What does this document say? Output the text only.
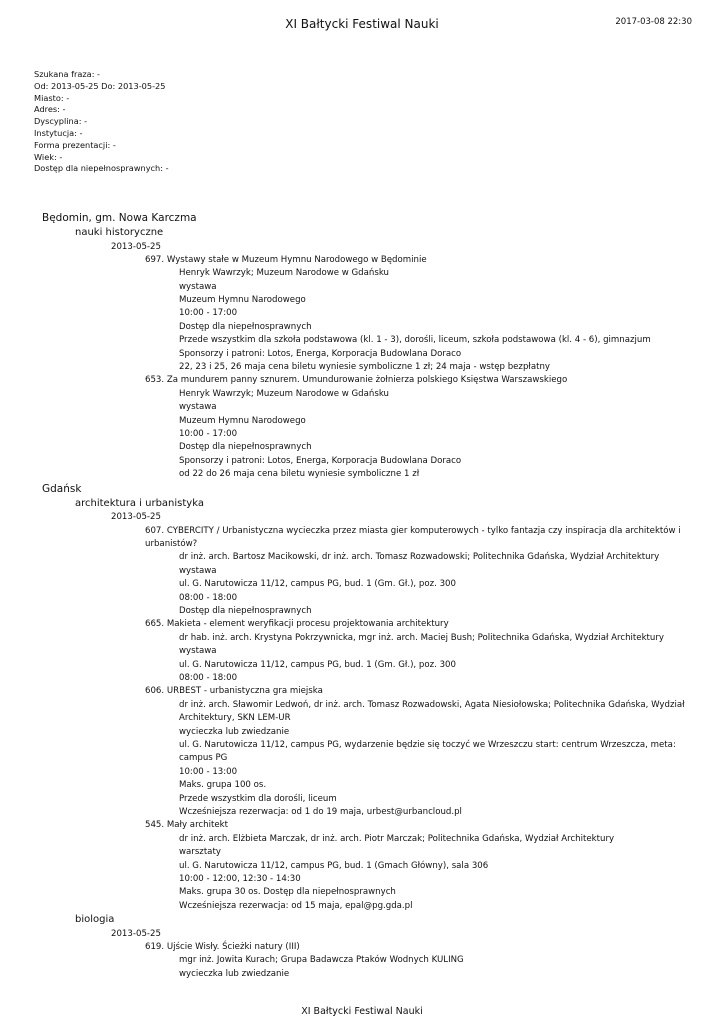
XI Bałtycki Festiwal Nauki	2017-03-08 22:30
Szukana fraza: -
Od: 2013-05-25 Do: 2013-05-25
Miasto: -
Adres: -
Dyscyplina: -
Instytucja: -
Forma prezentacji: -
Wiek: -
Dostęp dla niepełnosprawnych: -
Będomin, gm. Nowa Karczma
nauki historyczne
2013-05-25
697. Wystawy stałe w Muzeum Hymnu Narodowego w Będominie
Henryk Wawrzyk; Muzeum Narodowe w Gdańsku
wystawa
Muzeum Hymnu Narodowego
10:00 - 17:00
Dostęp dla niepełnosprawnych
Przede wszystkim dla szkoła podstawowa (kl. 1 - 3), dorośli, liceum, szkoła podstawowa (kl. 4 - 6), gimnazjum
Sponsorzy i patroni: Lotos, Energa, Korporacja Budowlana Doraco
22, 23 i 25, 26 maja cena biletu wyniesie symboliczne 1 zł; 24 maja - wstęp bezpłatny
653. Za mundurem panny sznurem. Umundurowanie żołnierza polskiego Księstwa Warszawskiego
Henryk Wawrzyk; Muzeum Narodowe w Gdańsku
wystawa
Muzeum Hymnu Narodowego
10:00 - 17:00
Dostęp dla niepełnosprawnych
Sponsorzy i patroni: Lotos, Energa, Korporacja Budowlana Doraco
od 22 do 26 maja cena biletu wyniesie symboliczne 1 zł
Gdańsk
architektura i urbanistyka
2013-05-25
607. CYBERCITY / Urbanistyczna wycieczka przez miasta gier komputerowych - tylko fantazja czy inspiracja dla architektów i urbanistów?
dr inż. arch. Bartosz Macikowski, dr inż. arch. Tomasz Rozwadowski; Politechnika Gdańska, Wydział Architektury
wystawa
ul. G. Narutowicza 11/12, campus PG, bud. 1 (Gm. Gł.), poz. 300
08:00 - 18:00
Dostęp dla niepełnosprawnych
665. Makieta - element weryfikacji procesu projektowania architektury
dr hab. inż. arch. Krystyna Pokrzywnicka, mgr inż. arch. Maciej Bush; Politechnika Gdańska, Wydział Architektury
wystawa
ul. G. Narutowicza 11/12, campus PG, bud. 1 (Gm. Gł.), poz. 300
08:00 - 18:00
606. URBEST - urbanistyczna gra miejska
dr inż. arch. Sławomir Ledwoń, dr inż. arch. Tomasz Rozwadowski, Agata Niesiołowska; Politechnika Gdańska, Wydział Architektury, SKN LEM-UR
wycieczka lub zwiedzanie
ul. G. Narutowicza 11/12, campus PG, wydarzenie będzie się toczyć we Wrzeszczu start: centrum Wrzeszcza, meta: campus PG
10:00 - 13:00
Maks. grupa 100 os.
Przede wszystkim dla dorośli, liceum
Wcześniejsza rezerwacja: od 1 do 19 maja, urbest@urbancloud.pl
545. Mały architekt
dr inż. arch. Elżbieta Marczak, dr inż. arch. Piotr Marczak; Politechnika Gdańska, Wydział Architektury
warsztaty
ul. G. Narutowicza 11/12, campus PG, bud. 1 (Gmach Główny), sala 306
10:00 - 12:00, 12:30 - 14:30
Maks. grupa 30 os. Dostęp dla niepełnosprawnych
Wcześniejsza rezerwacja: od 15 maja, epal@pg.gda.pl
biologia
2013-05-25
619. Ujście Wisły. Ścieżki natury (III)
mgr inż. Jowita Kurach; Grupa Badawcza Ptaków Wodnych KULING
wycieczka lub zwiedzanie
XI Bałtycki Festiwal Nauki
